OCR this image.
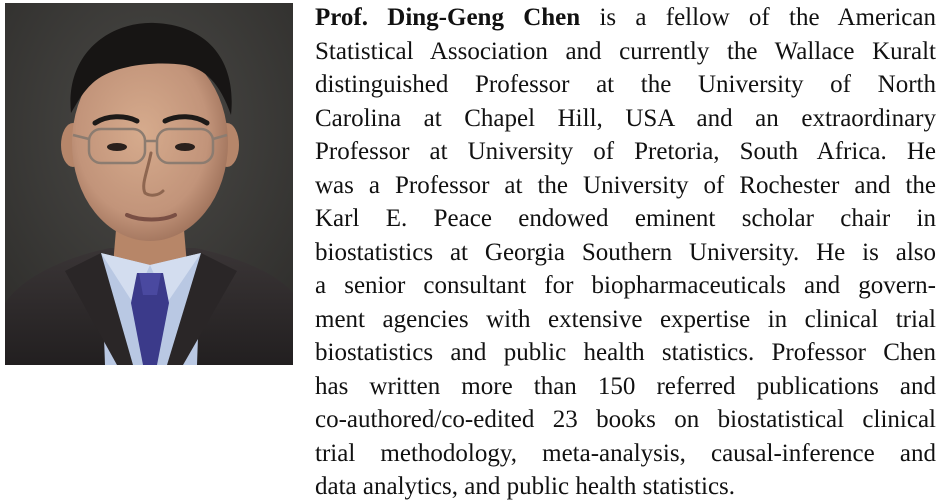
Prof. Ding-Geng Chen is a fellow of the American
Statistical Association and currently the Wallace Kuralt
distinguished Professor at the University of North
Carolina at Chapel Hill, USA and an extraordinary
Professor at University of Pretoria, South Africa. He
was a Professor at the University of Rochester and the
Karl E. Peace endowed eminent scholar chair in
biostatistics at Georgia Southern University. He is also
a senior consultant for biopharmaceuticals and govern-
ment agencies with extensive expertise in clinical trial
biostatistics and public health statistics. Professor Chen
has written more than 150 referred publications and
co-authored/co-edited 23 books on biostatistical clinical
trial methodology, meta-analysis, causal-inference and
data analytics, and public health statistics.
